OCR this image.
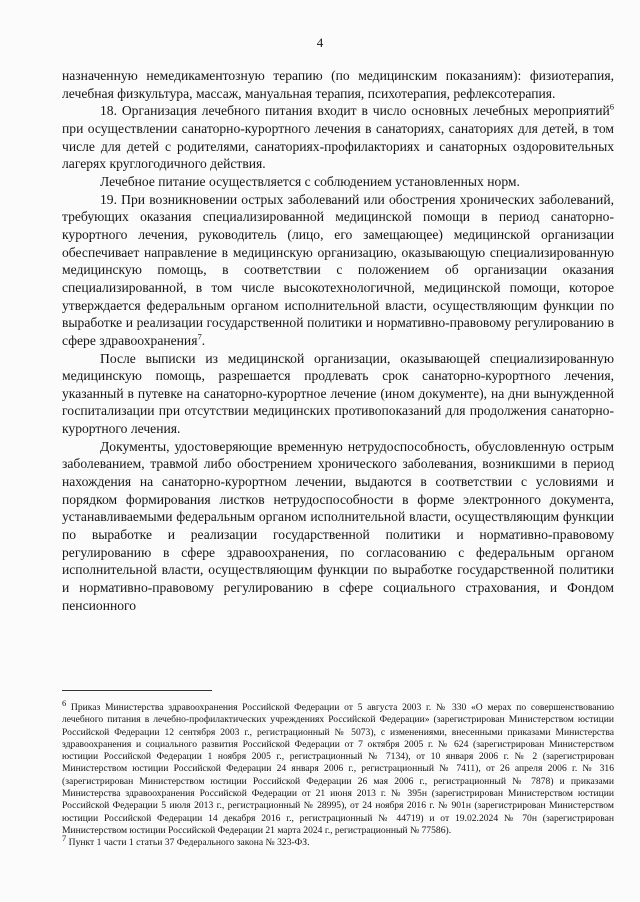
4

назначенную немедикаментозную терапию (по медицинским показаниям): физиотерапия, лечебная физкультура, массаж, мануальная терапия, психотерапия, рефлексотерапия.

18. Организация лечебного питания входит в число основных лечебных мероприятий$^6$ при осуществлении санаторно-курортного лечения в санаториях, санаториях для детей, в том числе для детей с родителями, санаториях-профилакториях и санаторных оздоровительных лагерях круглогодичного действия.

Лечебное питание осуществляется с соблюдением установленных норм.

19. При возникновении острых заболеваний или обострения хронических заболеваний, требующих оказания специализированной медицинской помощи в период санаторно-курортного лечения, руководитель (лицо, его замещающее) медицинской организации обеспечивает направление в медицинскую организацию, оказывающую специализированную медицинскую помощь, в соответствии с положением об организации оказания специализированной, в том числе высокотехнологичной, медицинской помощи, которое утверждается федеральным органом исполнительной власти, осуществляющим функции по выработке и реализации государственной политики и нормативно-правовому регулированию в сфере здравоохранения$^7$.

После выписки из медицинской организации, оказывающей специализированную медицинскую помощь, разрешается продлевать срок санаторно-курортного лечения, указанный в путевке на санаторно-курортное лечение (ином документе), на дни вынужденной госпитализации при отсутствии медицинских противопоказаний для продолжения санаторно-курортного лечения.

Документы, удостоверяющие временную нетрудоспособность, обусловленную острым заболеванием, травмой либо обострением хронического заболевания, возникшими в период нахождения на санаторно-курортном лечении, выдаются в соответствии с условиями и порядком формирования листков нетрудоспособности в форме электронного документа, устанавливаемыми федеральным органом исполнительной власти, осуществляющим функции по выработке и реализации государственной политики и нормативно-правовому регулированию в сфере здравоохранения, по согласованию с федеральным органом исполнительной власти, осуществляющим функции по выработке государственной политики и нормативно-правовому регулированию в сфере социального страхования, и Фондом пенсионного

$^6$ Приказ Министерства здравоохранения Российской Федерации от 5 августа 2003 г. № 330 «О мерах по совершенствованию лечебного питания в лечебно-профилактических учреждениях Российской Федерации» (зарегистрирован Министерством юстиции Российской Федерации 12 сентября 2003 г., регистрационный № 5073), с изменениями, внесенными приказами Министерства здравоохранения и социального развития Российской Федерации от 7 октября 2005 г. № 624 (зарегистрирован Министерством юстиции Российской Федерации 1 ноября 2005 г., регистрационный № 7134), от 10 января 2006 г. № 2 (зарегистрирован Министерством юстиции Российской Федерации 24 января 2006 г., регистрационный № 7411), от 26 апреля 2006 г. № 316 (зарегистрирован Министерством юстиции Российской Федерации 26 мая 2006 г., регистрационный № 7878) и приказами Министерства здравоохранения Российской Федерации от 21 июня 2013 г. № 395н (зарегистрирован Министерством юстиции Российской Федерации 5 июля 2013 г., регистрационный № 28995), от 24 ноября 2016 г. № 901н (зарегистрирован Министерством юстиции Российской Федерации 14 декабря 2016 г., регистрационный № 44719) и от 19.02.2024 № 70н (зарегистрирован Министерством юстиции Российской Федерации 21 марта 2024 г., регистрационный № 77586).

$^7$ Пункт 1 части 1 статьи 37 Федерального закона № 323-ФЗ.
